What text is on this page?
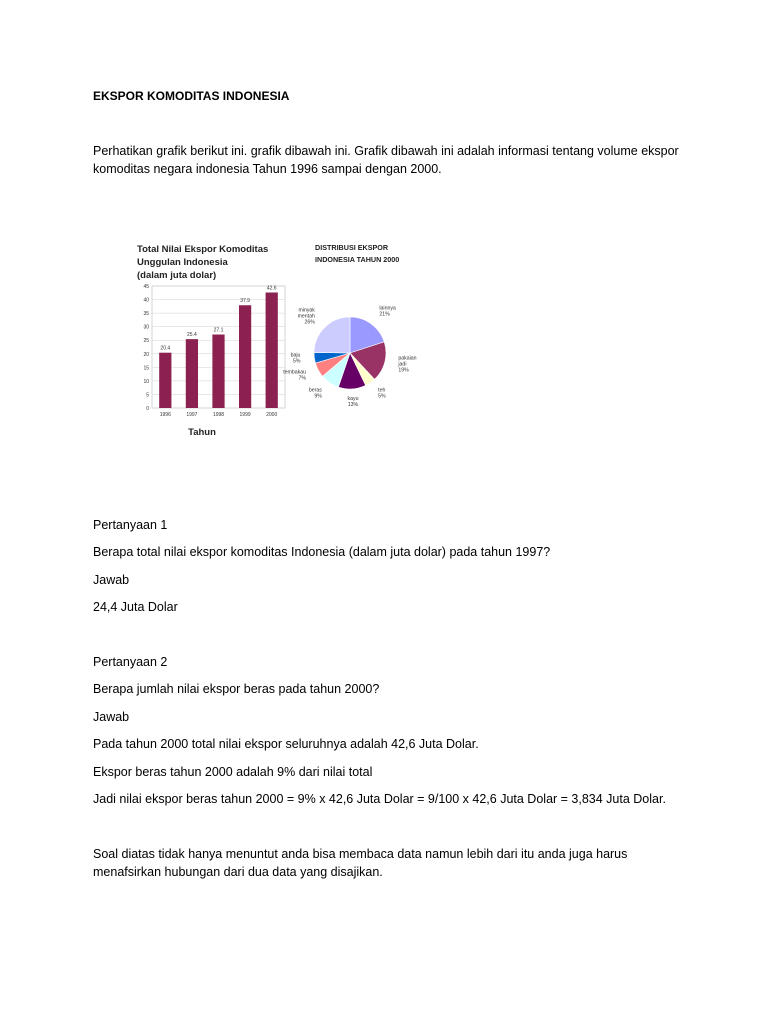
EKSPOR KOMODITAS INDONESIA
Perhatikan grafik berikut ini. grafik dibawah ini. Grafik dibawah ini adalah informasi tentang volume ekspor komoditas negara indonesia Tahun 1996 sampai dengan 2000.
Total Nilai Ekspor Komoditas
Unggulan Indonesia
(dalam juta dolar)
0
5
10
15
20
25
30
35
40
45
20.4
1996
25.4
1997
27.1
1998
37.9
1999
42.6
2000
Tahun
DISTRIBUSI EKSPOR
INDONESIA TAHUN 2000
lainnya
21%
pakaian
jadi
19%
teh
5%
kayu
13%
beras
9%
tembakau
7%
baju
5%
minyak
mentah
26%
Pertanyaan 1
Berapa total nilai ekspor komoditas Indonesia (dalam juta dolar) pada tahun 1997?
Jawab
24,4 Juta Dolar
Pertanyaan 2
Berapa jumlah nilai ekspor beras pada tahun 2000?
Jawab
Pada tahun 2000 total nilai ekspor seluruhnya adalah 42,6 Juta Dolar.
Ekspor beras tahun 2000 adalah 9% dari nilai total
Jadi nilai ekspor beras tahun 2000 = 9% x 42,6 Juta Dolar = 9/100 x 42,6 Juta Dolar = 3,834 Juta Dolar.
Soal diatas tidak hanya menuntut anda bisa membaca data namun lebih dari itu anda juga harus menafsirkan hubungan dari dua data yang disajikan.
